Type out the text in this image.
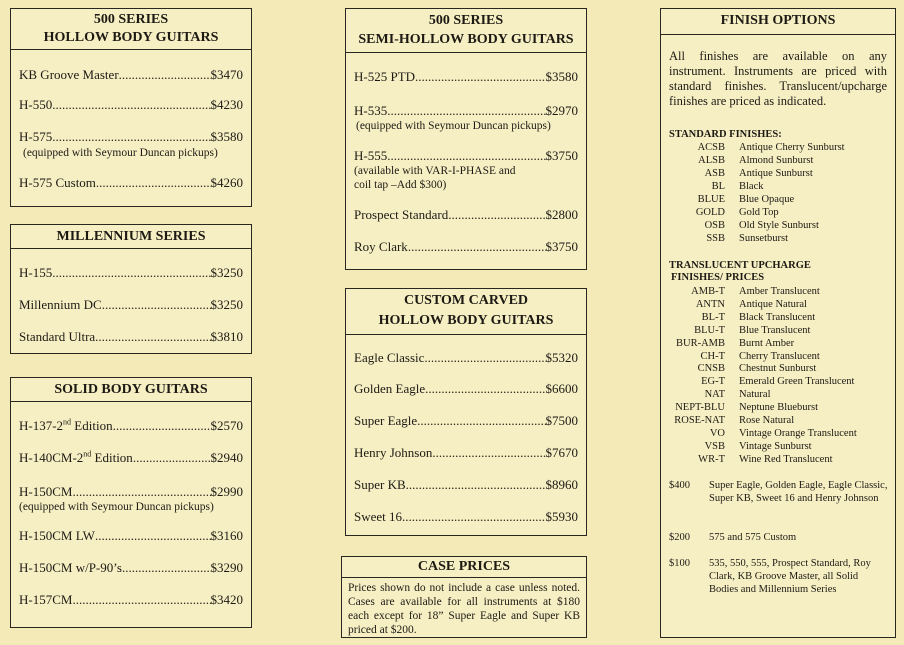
500 SERIES
HOLLOW BODY GUITARS
KB Groove Master .....	$3470
H-550 .....	$4230
H-575 .....	$3580
(equipped with Seymour Duncan pickups)
H-575 Custom .....	$4260
MILLENNIUM SERIES
H-155 .....	$3250
Millennium DC .....	$3250
Standard Ultra .....	$3810
SOLID BODY GUITARS
H-137-2nd Edition .....	$2570
H-140CM-2nd Edition .....	$2940
H-150CM .....	$2990
(equipped with Seymour Duncan pickups)
H-150CM LW .....	$3160
H-150CM w/P-90’s .....	$3290
H-157CM .....	$3420
500 SERIES
SEMI-HOLLOW BODY GUITARS
H-525 PTD .....	$3580
H-535 .....	$2970
(equipped with Seymour Duncan pickups)
H-555 .....	$3750
(available with VAR-I-PHASE and
coil tap –Add $300)
Prospect Standard .....	$2800
Roy Clark .....	$3750
CUSTOM CARVED
HOLLOW BODY GUITARS
Eagle Classic .....	$5320
Golden Eagle .....	$6600
Super Eagle .....	$7500
Henry Johnson .....	$7670
Super KB .....	$8960
Sweet 16 .....	$5930
CASE PRICES
Prices shown do not include a case unless noted. Cases are available for all instruments at $180 each except for 18” Super Eagle and Super KB priced at $200.
FINISH OPTIONS
All finishes are available on any instrument. Instruments are priced with standard finishes. Translucent/upcharge finishes are priced as indicated.
STANDARD FINISHES:
TRANSLUCENT UPCHARGE
FINISHES/ PRICES
ACSB	Antique Cherry Sunburst
ALSB	Almond Sunburst
ASB	Antique Sunburst
BL	Black
BLUE	Blue Opaque
GOLD	Gold Top
OSB	Old Style Sunburst
SSB	Sunsetburst
AMB-T	Amber Translucent
ANTN	Antique Natural
BL-T	Black Translucent
BLU-T	Blue Translucent
BUR-AMB	Burnt Amber
CH-T	Cherry Translucent
CNSB	Chestnut Sunburst
EG-T	Emerald Green Translucent
NAT	Natural
NEPT-BLU	Neptune Blueburst
ROSE-NAT	Rose Natural
VO	Vintage Orange Translucent
VSB	Vintage Sunburst
WR-T	Wine Red Translucent
$400	Super Eagle, Golden Eagle, Eagle Classic, Super KB, Sweet 16 and Henry Johnson
$200	575 and 575 Custom
$100	535, 550, 555, Prospect Standard, Roy Clark, KB Groove Master, all Solid Bodies and Millennium Series
